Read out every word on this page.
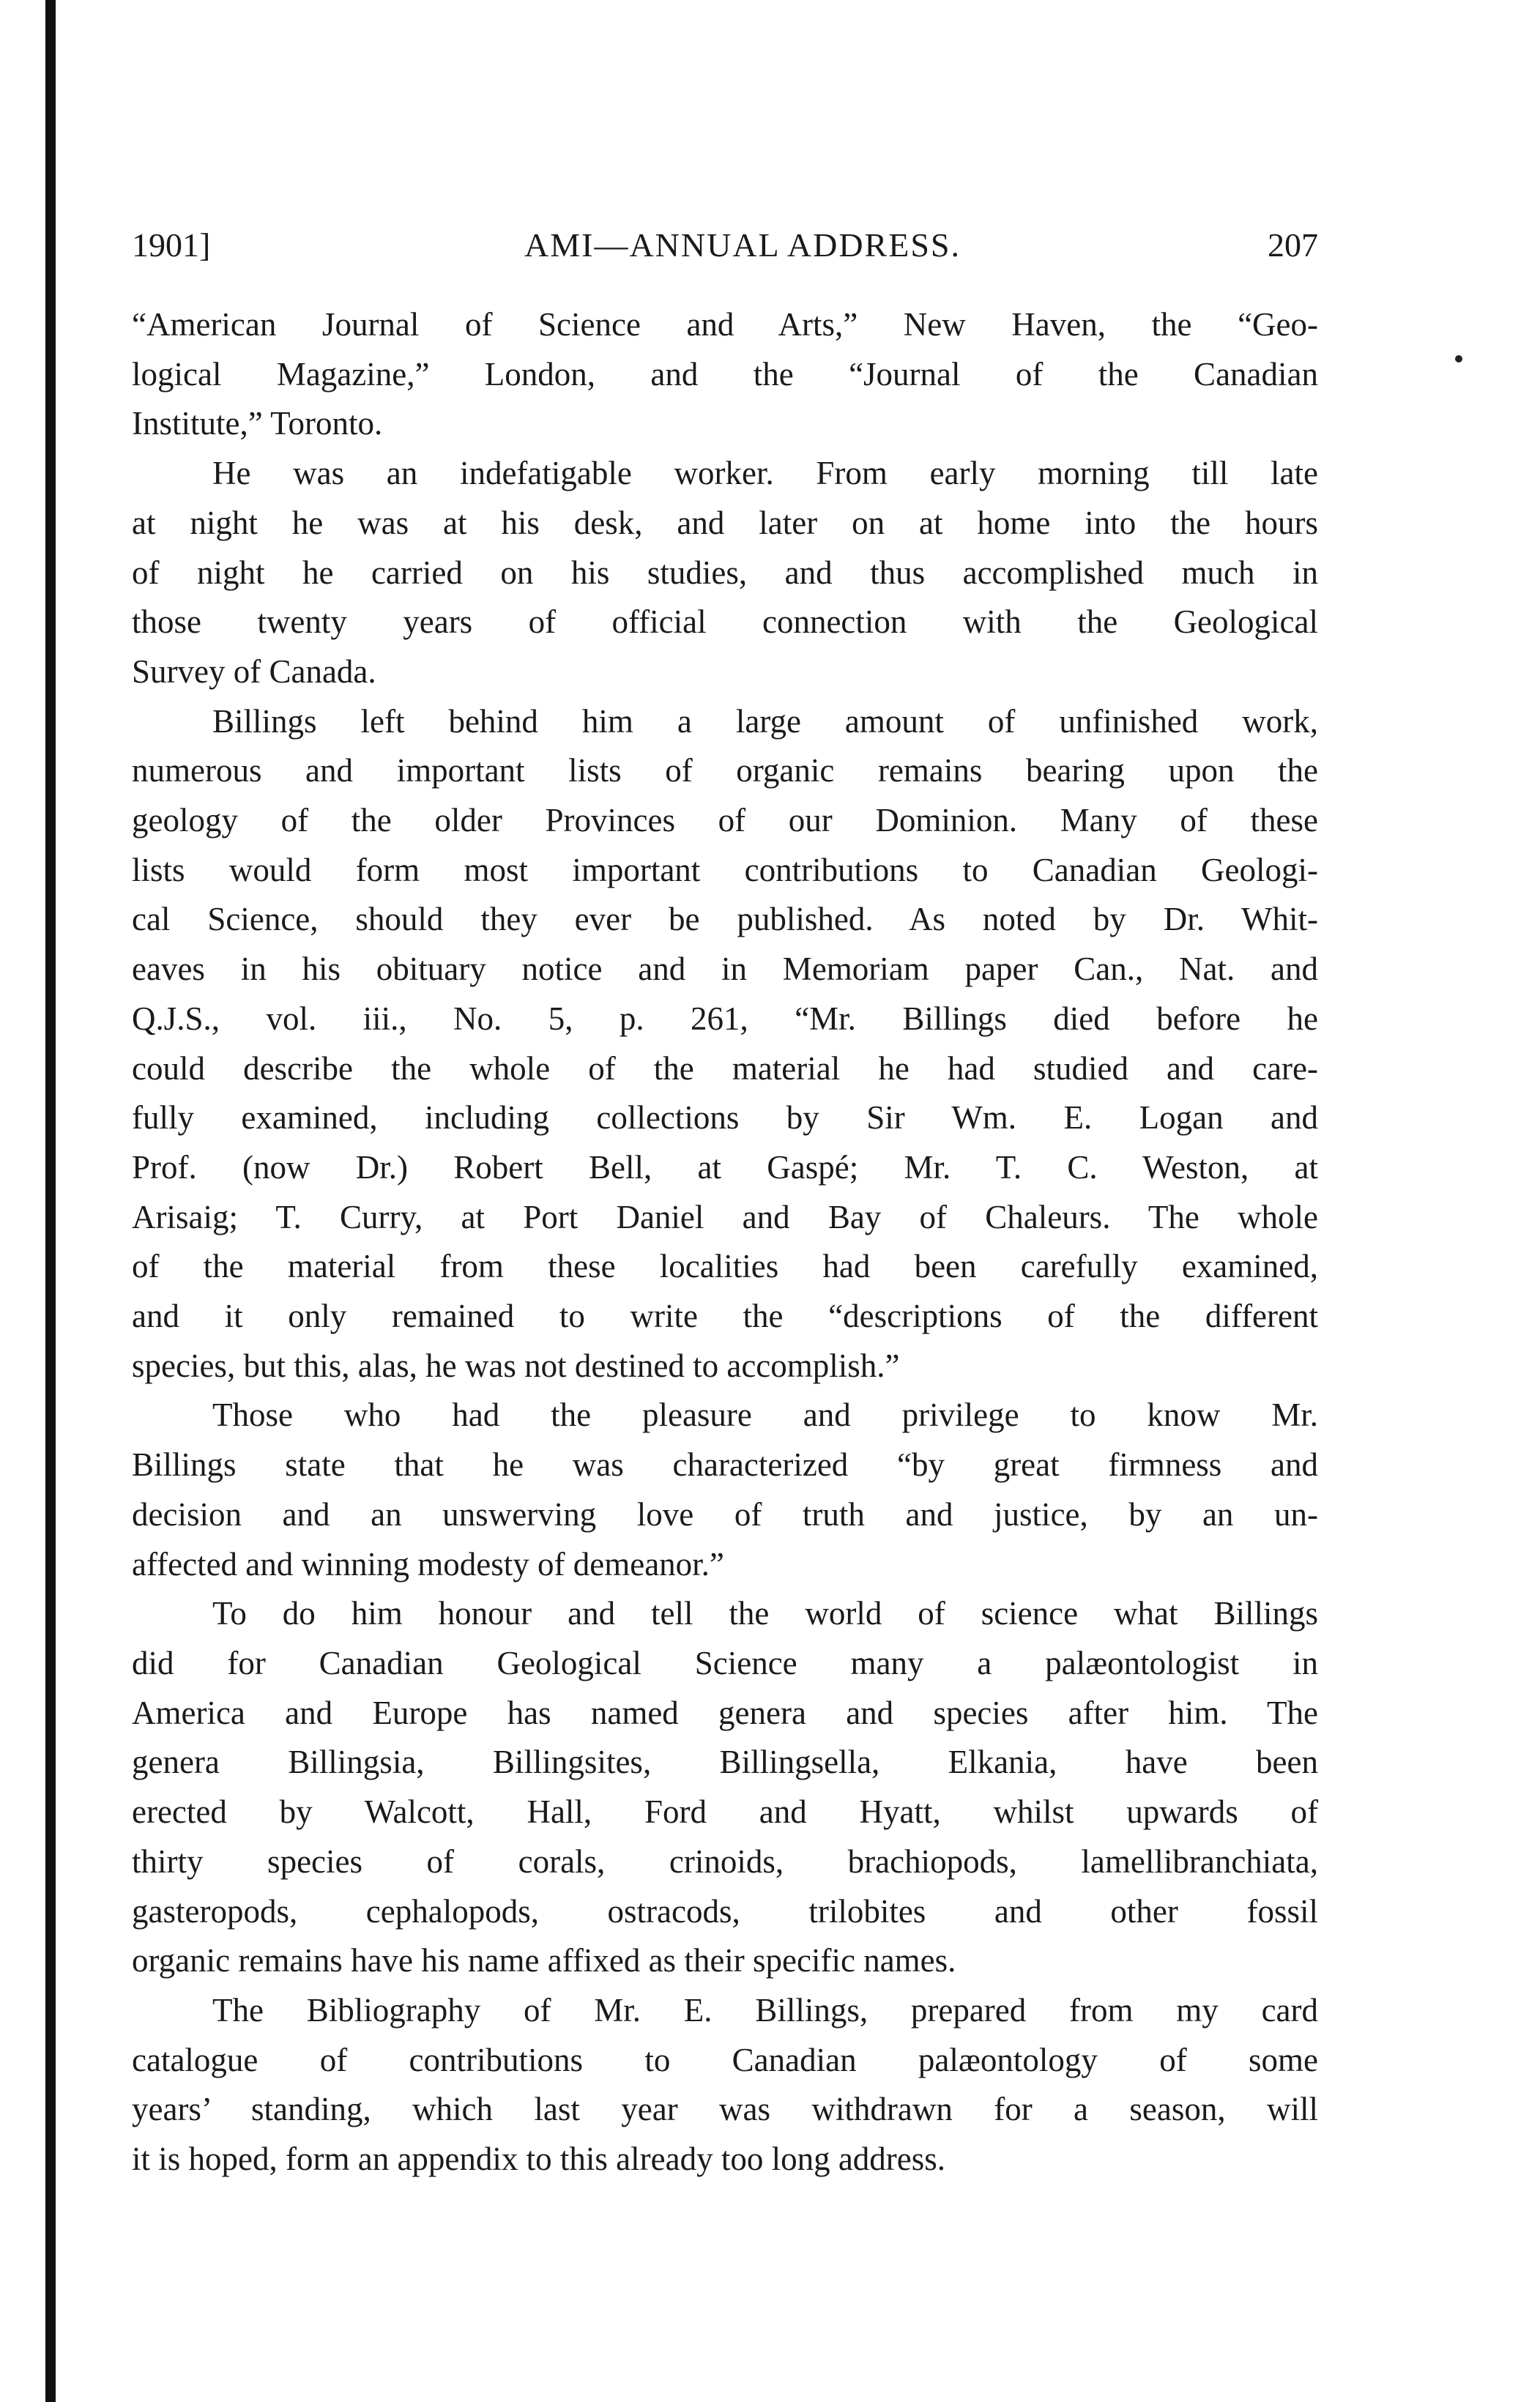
1901]	AMI—ANNUAL ADDRESS.	207

“American Journal of Science and Arts,” New Haven, the “Geo-
logical Magazine,” London, and the “Journal of the Canadian
Institute,” Toronto.

He was an indefatigable worker. From early morning till late
at night he was at his desk, and later on at home into the hours
of night he carried on his studies, and thus accomplished much in
those twenty years of official connection with the Geological
Survey of Canada.

Billings left behind him a large amount of unfinished work,
numerous and important lists of organic remains bearing upon the
geology of the older Provinces of our Dominion. Many of these
lists would form most important contributions to Canadian Geologi-
cal Science, should they ever be published. As noted by Dr. Whit-
eaves in his obituary notice and in Memoriam paper Can., Nat. and
Q.J.S., vol. iii., No. 5, p. 261, “Mr. Billings died before he
could describe the whole of the material he had studied and care-
fully examined, including collections by Sir Wm. E. Logan and
Prof. (now Dr.) Robert Bell, at Gaspé; Mr. T. C. Weston, at
Arisaig; T. Curry, at Port Daniel and Bay of Chaleurs. The whole
of the material from these localities had been carefully examined,
and it only remained to write the “descriptions of the different
species, but this, alas, he was not destined to accomplish.”

Those who had the pleasure and privilege to know Mr.
Billings state that he was characterized “by great firmness and
decision and an unswerving love of truth and justice, by an un-
affected and winning modesty of demeanor.”

To do him honour and tell the world of science what Billings
did for Canadian Geological Science many a palæontologist in
America and Europe has named genera and species after him. The
genera Billingsia, Billingsites, Billingsella, Elkania, have been
erected by Walcott, Hall, Ford and Hyatt, whilst upwards of
thirty species of corals, crinoids, brachiopods, lamellibranchiata,
gasteropods, cephalopods, ostracods, trilobites and other fossil
organic remains have his name affixed as their specific names.

The Bibliography of Mr. E. Billings, prepared from my card
catalogue of contributions to Canadian palæontology of some
years’ standing, which last year was withdrawn for a season, will
it is hoped, form an appendix to this already too long address.
